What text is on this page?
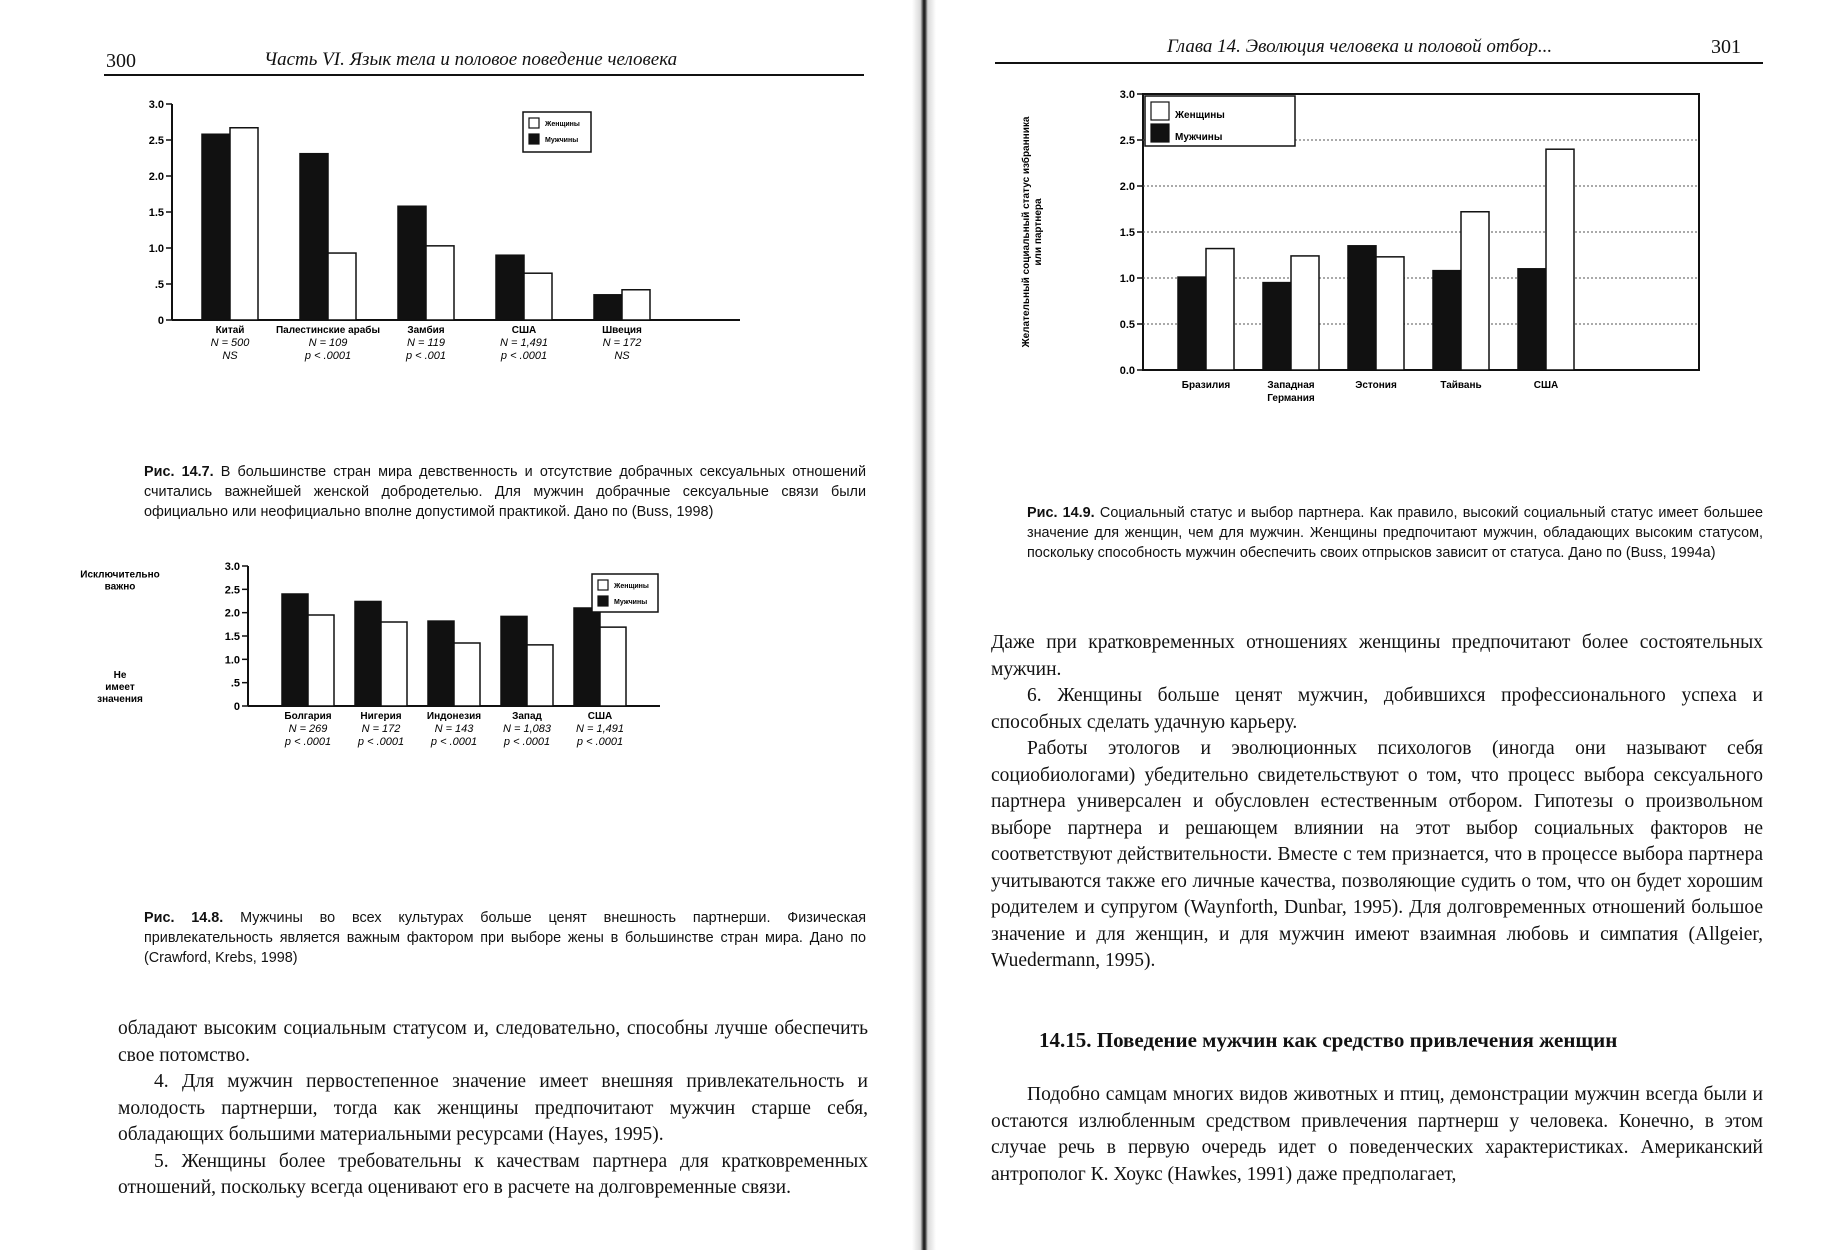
300	Часть VI. Язык тела и половое поведение человека
3.0
2.5
2.0
1.5
1.0
.5
0
Китай
N = 500
NS
Палестинские арабы
N = 109
p < .0001
Замбия
N = 119
p < .001
США
N = 1,491
p < .0001
Швеция
N = 172
NS
Женщины
Мужчины
Рис. 14.7. В большинстве стран мира девственность и отсутствие добрачных сексуальных отношений считались важнейшей женской добродетелью. Для мужчин добрачные сексуальные связи были официально или неофициально вполне допустимой практикой. Дано по (Buss, 1998)
3.0
2.5
2.0
1.5
1.0
.5
0
Болгария
N = 269
p < .0001
Нигерия
N = 172
p < .0001
Индонезия
N = 143
p < .0001
Запад
N = 1,083
p < .0001
США
N = 1,491
p < .0001
Женщины
Мужчины
Исключительно
важно
Не
имеет
значения
Рис. 14.8. Мужчины во всех культурах больше ценят внешность партнерши. Физическая привлекательность является важным фактором при выборе жены в большинстве стран мира. Дано по (Crawford, Krebs, 1998)

обладают высоким социальным статусом и, следовательно, способны лучше обеспечить свое потомство.

4. Для мужчин первостепенное значение имеет внешняя привлекательность и молодость партнерши, тогда как женщины предпочитают мужчин старше себя, обладающих большими материальными ресурсами (Hayes, 1995).

5. Женщины более требовательны к качествам партнера для кратковременных отношений, поскольку всегда оценивают его в расчете на долговременные связи.

Глава 14. Эволюция человека и половой отбор...	301
3.0
2.5
2.0
1.5
1.0
0.5
0.0
Бразилия	Западная
Германия
Эстония	Тайвань	США
Женщины
Мужчины
Желательный социальный статус избранника или партнера
Рис. 14.9. Социальный статус и выбор партнера. Как правило, высокий социальный статус имеет большее значение для женщин, чем для мужчин. Женщины предпочитают мужчин, обладающих высоким статусом, поскольку способность мужчин обеспечить своих отпрысков зависит от статуса. Дано по (Buss, 1994a)

Даже при кратковременных отношениях женщины предпочитают более состоятельных мужчин.

6. Женщины больше ценят мужчин, добившихся профессионального успеха и способных сделать удачную карьеру.

Работы этологов и эволюционных психологов (иногда они называют себя социобиологами) убедительно свидетельствуют о том, что процесс выбора сексуального партнера универсален и обусловлен естественным отбором. Гипотезы о произвольном выборе партнера и решающем влиянии на этот выбор социальных факторов не соответствуют действительности. Вместе с тем признается, что в процессе выбора партнера учитываются также его личные качества, позволяющие судить о том, что он будет хорошим родителем и супругом (Waynforth, Dunbar, 1995). Для долговременных отношений большое значение и для женщин, и для мужчин имеют взаимная любовь и симпатия (Allgeier, Wuedermann, 1995).

14.15. Поведение мужчин как средство привлечения женщин

Подобно самцам многих видов животных и птиц, демонстрации мужчин всегда были и остаются излюбленным средством привлечения партнерш у человека. Конечно, в этом случае речь в первую очередь идет о поведенческих характеристиках. Американский антрополог К. Хоукс (Hawkes, 1991) даже предполагает,
